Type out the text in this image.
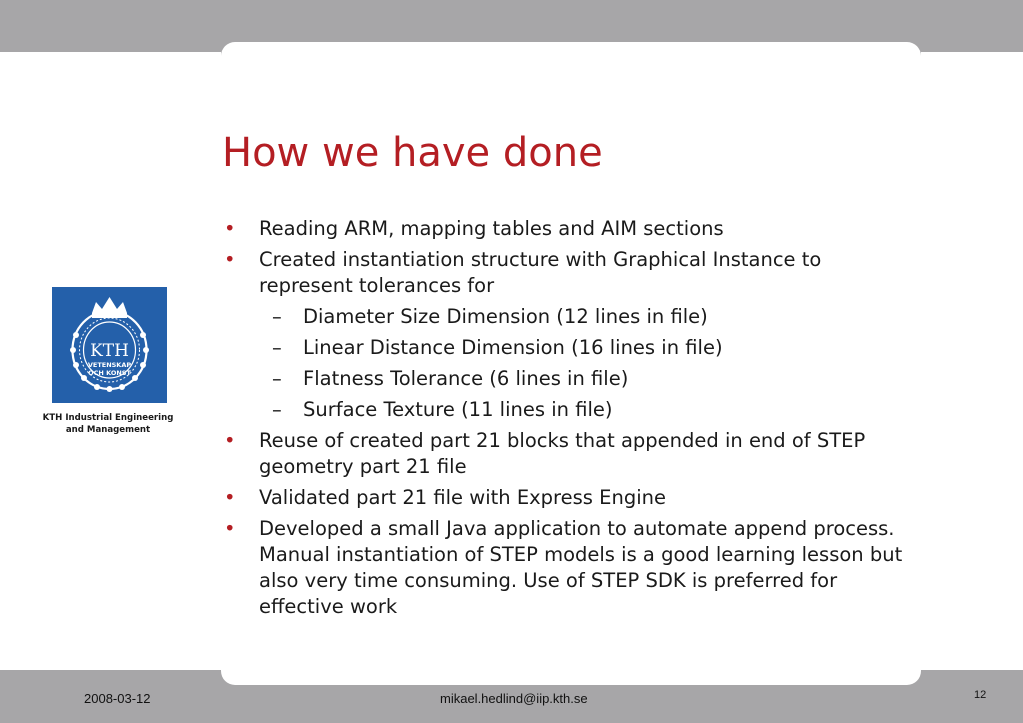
How we have done
• Reading ARM, mapping tables and AIM sections
• Created instantiation structure with Graphical Instance to represent tolerances for
– Diameter Size Dimension (12 lines in file)
– Linear Distance Dimension (16 lines in file)
– Flatness Tolerance (6 lines in file)
– Surface Texture (11 lines in file)
• Reuse of created part 21 blocks that appended in end of STEP geometry part 21 file
• Validated part 21 file with Express Engine
• Developed a small Java application to automate append process. Manual instantiation of STEP models is a good learning lesson but also very time consuming. Use of STEP SDK is preferred for effective work
KTH
VETENSKAP
OCH KONST
KTH Industrial Engineering
and Management
2008-03-12	mikael.hedlind@iip.kth.se	12
